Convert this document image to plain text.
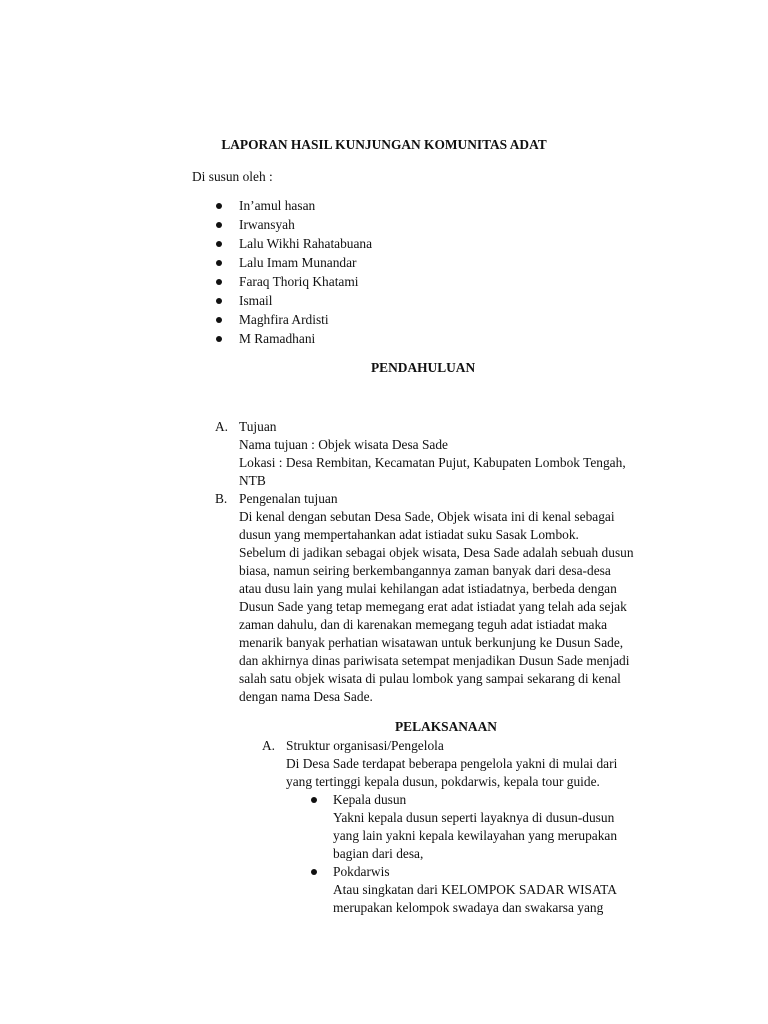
LAPORAN HASIL KUNJUNGAN KOMUNITAS ADAT
Di susun oleh :
In’amul hasan
Irwansyah
Lalu Wikhi Rahatabuana
Lalu Imam Munandar
Faraq Thoriq Khatami
Ismail
Maghfira Ardisti
M Ramadhani
PENDAHULUAN
A. Tujuan
Nama tujuan : Objek wisata Desa Sade
Lokasi : Desa Rembitan, Kecamatan Pujut, Kabupaten Lombok Tengah,
NTB
B. Pengenalan tujuan
Di kenal dengan sebutan Desa Sade, Objek wisata ini di kenal sebagai
dusun yang mempertahankan adat istiadat suku Sasak Lombok.
Sebelum di jadikan sebagai objek wisata, Desa Sade adalah sebuah dusun
biasa, namun seiring berkembangannya zaman banyak dari desa-desa
atau dusu lain yang mulai kehilangan adat istiadatnya, berbeda dengan
Dusun Sade yang tetap memegang erat adat istiadat yang telah ada sejak
zaman dahulu, dan di karenakan memegang teguh adat istiadat maka
menarik banyak perhatian wisatawan untuk berkunjung ke Dusun Sade,
dan akhirnya dinas pariwisata setempat menjadikan Dusun Sade menjadi
salah satu objek wisata di pulau lombok yang sampai sekarang di kenal
dengan nama Desa Sade.
PELAKSANAAN
A. Struktur organisasi/Pengelola
Di Desa Sade terdapat beberapa pengelola yakni di mulai dari
yang tertinggi kepala dusun, pokdarwis, kepala tour guide.
Kepala dusun
Yakni kepala dusun seperti layaknya di dusun-dusun
yang lain yakni kepala kewilayahan yang merupakan
bagian dari desa,
Pokdarwis
Atau singkatan dari KELOMPOK SADAR WISATA
merupakan kelompok swadaya dan swakarsa yang
